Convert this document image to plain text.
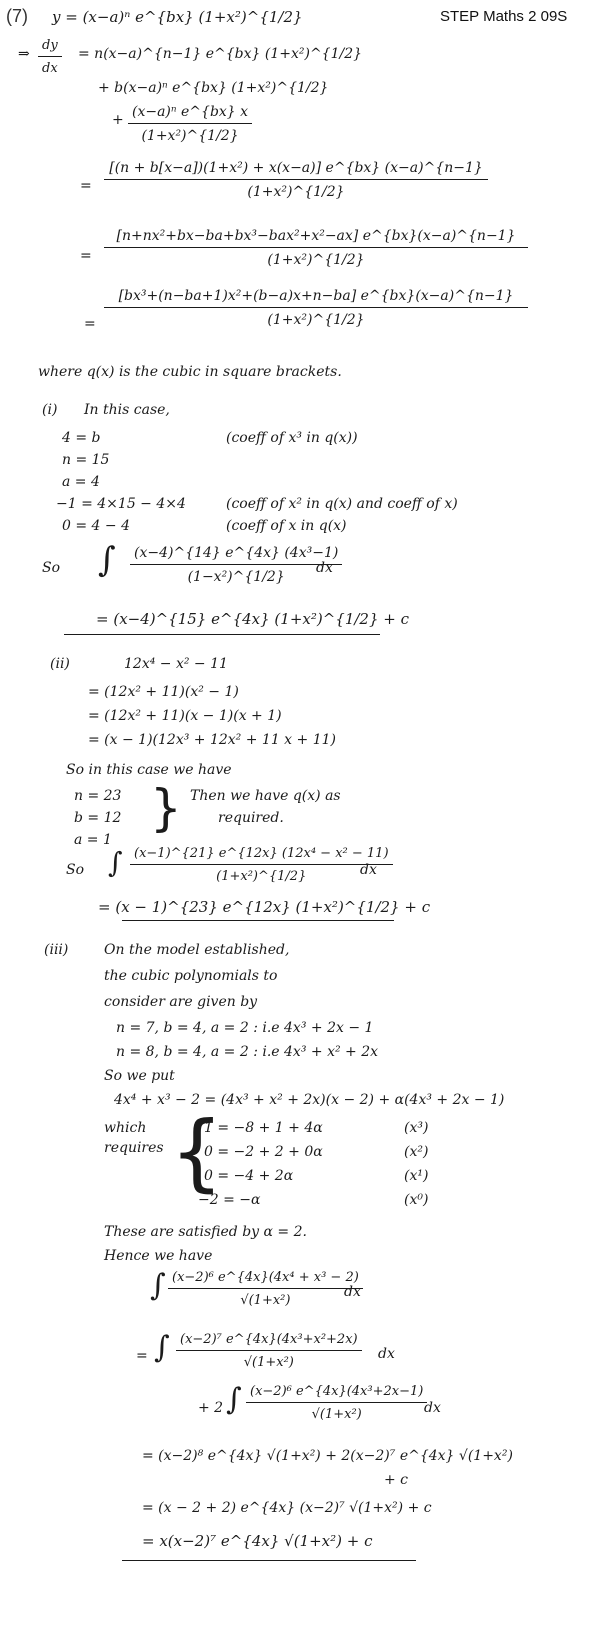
(7)	STEP Maths 2 09S
y = (x−a)ⁿ e^{bx} (1+x²)^{1/2}
⇒ $\frac{dy}{dx}$ = n(x−a)^{n−1} e^{bx} (1+x²)^{1/2}
+ b(x−a)ⁿ e^{bx} (1+x²)^{1/2}
+ $\frac{\text{(x−a)ⁿ e\textasciicircum{}\{bx\} x}}{\text{(1+x²)\textasciicircum{}\{1/2\}}}$
= $\frac{\text{[(n + b[x−a])(1+x²) + x(x−a)] e\textasciicircum{}\{bx\} (x−a)\textasciicircum{}\{n−1\}}}{\text{(1+x²)\textasciicircum{}\{1/2\}}}$
=
[n+nx²+bx−ba+bx³−bax²+x²−ax] e^{bx}(x−a)^{n−1}
(1+x²)^{1/2}
= $\frac{\text{[bx³+(n−ba+1)x²+(b−a)x+n−ba] e\textasciicircum{}\{bx\}(x−a)\textasciicircum{}\{n−1\}}}{\text{(1+x²)\textasciicircum{}\{1/2\}}}$
where q(x) is the cubic in square brackets.
(i) In this case,
4 = b	(coeff of x³ in q(x))
n = 15
a = 4
−1 = 4×15 − 4×4	(coeff of x² in q(x) and coeff of x)
0 = 4 − 4	(coeff of x in q(x)
So ∫ $\frac{\text{(x−4)\textasciicircum{}\{14\} e\textasciicircum{}\{4x\} (4x³−1)}}{\text{(1−x²)\textasciicircum{}\{1/2\}}}$
dx
= (x−4)^{15} e^{4x} (1+x²)^{1/2} + c
(ii)	12x⁴ − x² − 11
= (12x² + 11)(x² − 1)
= (12x² + 11)(x − 1)(x + 1)
= (x − 1)(12x³ + 12x² + 11 x + 11)
So in this case we have
n = 23
b = 12
a = 1
} Then we have q(x) as
required.
So ∫ $\frac{\text{(x−1)\textasciicircum{}\{21\} e\textasciicircum{}\{12x\} (12x⁴ − x² − 11)}}{\text{(1+x²)\textasciicircum{}\{1/2\}}}$
dx
= (x − 1)^{23} e^{12x} (1+x²)^{1/2} + c
(iii)	On the model established,
the cubic polynomials to
consider are given by
n = 7, b = 4, a = 2 : i.e 4x³ + 2x − 1
n = 8, b = 4, a = 2 : i.e 4x³ + x² + 2x
So we put
4x⁴ + x³ − 2 = (4x³ + x² + 2x)(x − 2) + α(4x³ + 2x − 1)
which
requires {
1 = −8 + 1 + 4α	(x³)
0 = −2 + 2 + 0α	(x²)
0 = −4 + 2α	(x¹)
−2 = −α	(x⁰)
These are satisfied by α = 2.
Hence we have
∫ $\frac{\text{(x−2)⁶ e\textasciicircum{}\{4x\}(4x⁴ + x³ − 2)}}{\text{√(1+x²)}}$
dx
= ∫ $\frac{\text{(x−2)⁷ e\textasciicircum{}\{4x\}(4x³+x²+2x)}}{\text{√(1+x²)}}$ dx
+ 2 ∫ $\frac{\text{(x−2)⁶ e\textasciicircum{}\{4x\}(4x³+2x−1)}}{\text{√(1+x²)}}$
dx
= (x−2)⁸ e^{4x} √(1+x²) + 2(x−2)⁷ e^{4x} √(1+x²)
+ c
= (x − 2 + 2) e^{4x} (x−2)⁷ √(1+x²) + c
= x(x−2)⁷ e^{4x} √(1+x²) + c
